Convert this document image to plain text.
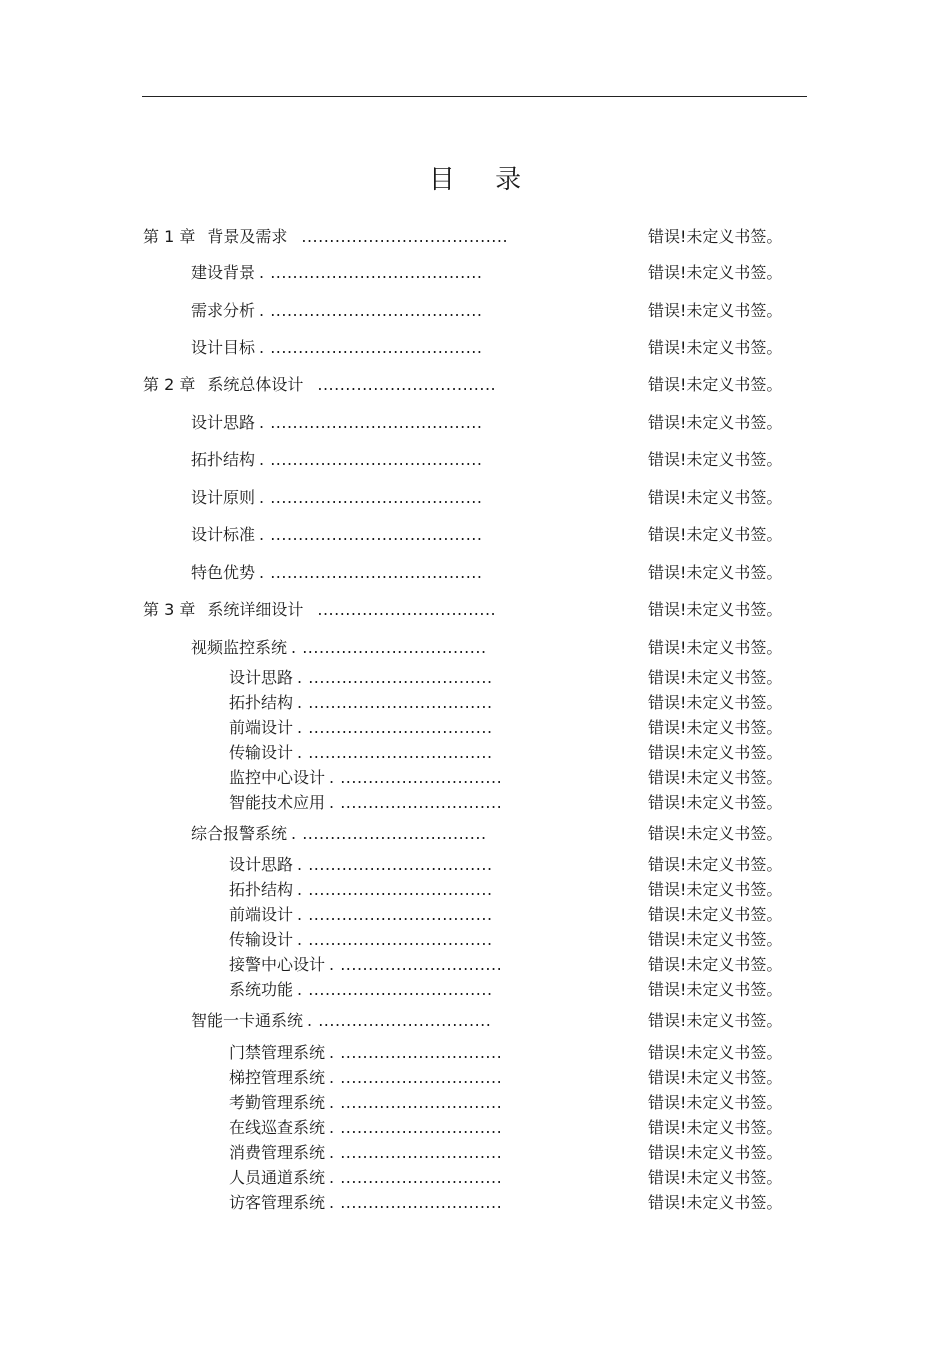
目 录
第 1 章 背景及需求 .....................................	错误!未定义书签。
建设背景 . ......................................	错误!未定义书签。
需求分析 . ......................................	错误!未定义书签。
设计目标 . ......................................	错误!未定义书签。
第 2 章 系统总体设计 ................................	错误!未定义书签。
设计思路 . ......................................	错误!未定义书签。
拓扑结构 . ......................................	错误!未定义书签。
设计原则 . ......................................	错误!未定义书签。
设计标准 . ......................................	错误!未定义书签。
特色优势 . ......................................	错误!未定义书签。
第 3 章 系统详细设计 ................................	错误!未定义书签。
视频监控系统 . .................................	错误!未定义书签。
设计思路 . .................................	错误!未定义书签。
拓扑结构 . .................................	错误!未定义书签。
前端设计 . .................................	错误!未定义书签。
传输设计 . .................................	错误!未定义书签。
监控中心设计 . .............................	错误!未定义书签。
智能技术应用 . .............................	错误!未定义书签。
综合报警系统 . .................................	错误!未定义书签。
设计思路 . .................................	错误!未定义书签。
拓扑结构 . .................................	错误!未定义书签。
前端设计 . .................................	错误!未定义书签。
传输设计 . .................................	错误!未定义书签。
接警中心设计 . .............................	错误!未定义书签。
系统功能 . .................................	错误!未定义书签。
智能一卡通系统 . ...............................	错误!未定义书签。
门禁管理系统 . .............................	错误!未定义书签。
梯控管理系统 . .............................	错误!未定义书签。
考勤管理系统 . .............................	错误!未定义书签。
在线巡查系统 . .............................	错误!未定义书签。
消费管理系统 . .............................	错误!未定义书签。
人员通道系统 . .............................	错误!未定义书签。
访客管理系统 . .............................	错误!未定义书签。
